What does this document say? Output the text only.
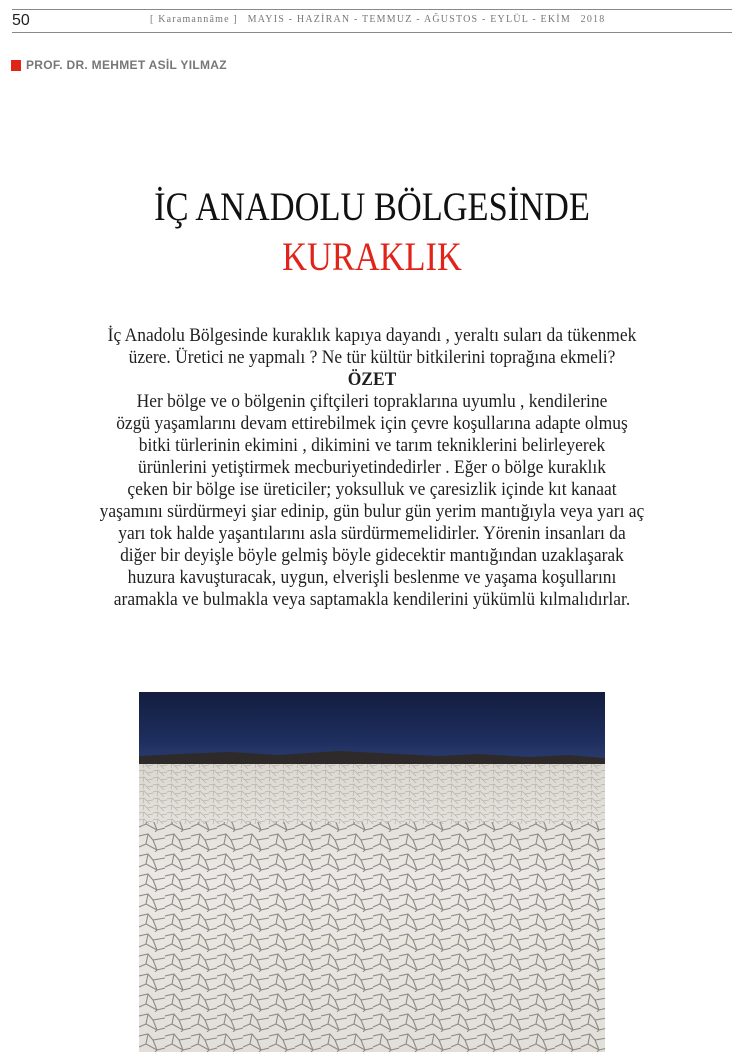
50	[ Karamannâme ] MAYIS - HAZİRAN - TEMMUZ - AĞUSTOS - EYLÜL - EKİM 2018
PROF. DR. MEHMET ASİL YILMAZ
İÇ ANADOLU BÖLGESİNDE
KURAKLIK
İç Anadolu Bölgesinde kuraklık kapıya dayandı , yeraltı suları da tükenmek
üzere. Üretici ne yapmalı ? Ne tür kültür bitkilerini toprağına ekmeli?
ÖZET
Her bölge ve o bölgenin çiftçileri topraklarına uyumlu , kendilerine
özgü yaşamlarını devam ettirebilmek için çevre koşullarına adapte olmuş
bitki türlerinin ekimini , dikimini ve tarım tekniklerini belirleyerek
ürünlerini yetiştirmek mecburiyetindedirler . Eğer o bölge kuraklık
çeken bir bölge ise üreticiler; yoksulluk ve çaresizlik içinde kıt kanaat
yaşamını sürdürmeyi şiar edinip, gün bulur gün yerim mantığıyla veya yarı aç
yarı tok halde yaşantılarını asla sürdürmemelidirler. Yörenin insanları da
diğer bir deyişle böyle gelmiş böyle gidecektir mantığından uzaklaşarak
huzura kavuşturacak, uygun, elverişli beslenme ve yaşama koşullarını
aramakla ve bulmakla veya saptamakla kendilerini yükümlü kılmalıdırlar.
